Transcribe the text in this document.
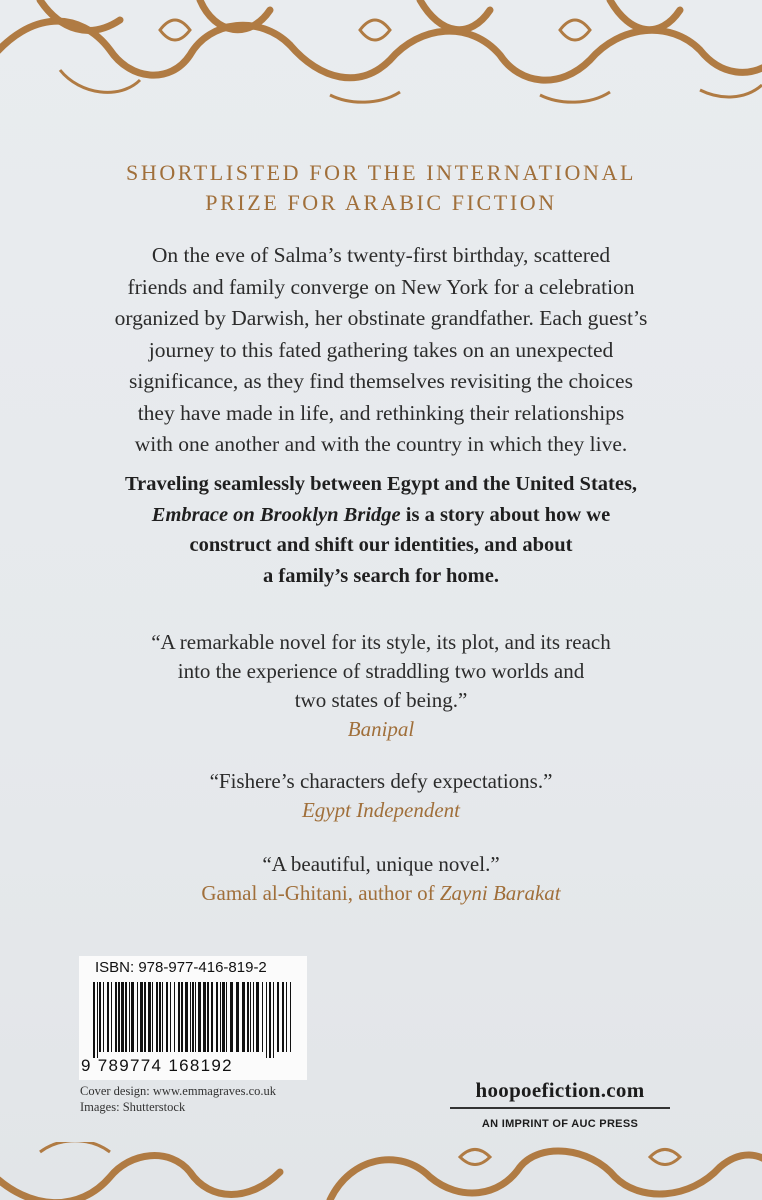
SHORTLISTED FOR THE INTERNATIONAL
PRIZE FOR ARABIC FICTION
On the eve of Salma’s twenty-first birthday, scattered
friends and family converge on New York for a celebration
organized by Darwish, her obstinate grandfather. Each guest’s
journey to this fated gathering takes on an unexpected
significance, as they find themselves revisiting the choices
they have made in life, and rethinking their relationships
with one another and with the country in which they live.
Traveling seamlessly between Egypt and the United States,
Embrace on Brooklyn Bridge is a story about how we
construct and shift our identities, and about
a family’s search for home.
“A remarkable novel for its style, its plot, and its reach
into the experience of straddling two worlds and
two states of being.”
Banipal
“Fishere’s characters defy expectations.”
Egypt Independent
“A beautiful, unique novel.”
Gamal al-Ghitani, author of Zayni Barakat
ISBN: 978-977-416-819-2
9 789774 168192
Cover design: www.emmagraves.co.uk
Images: Shutterstock
hoopoefiction.com
AN IMPRINT OF AUC PRESS
